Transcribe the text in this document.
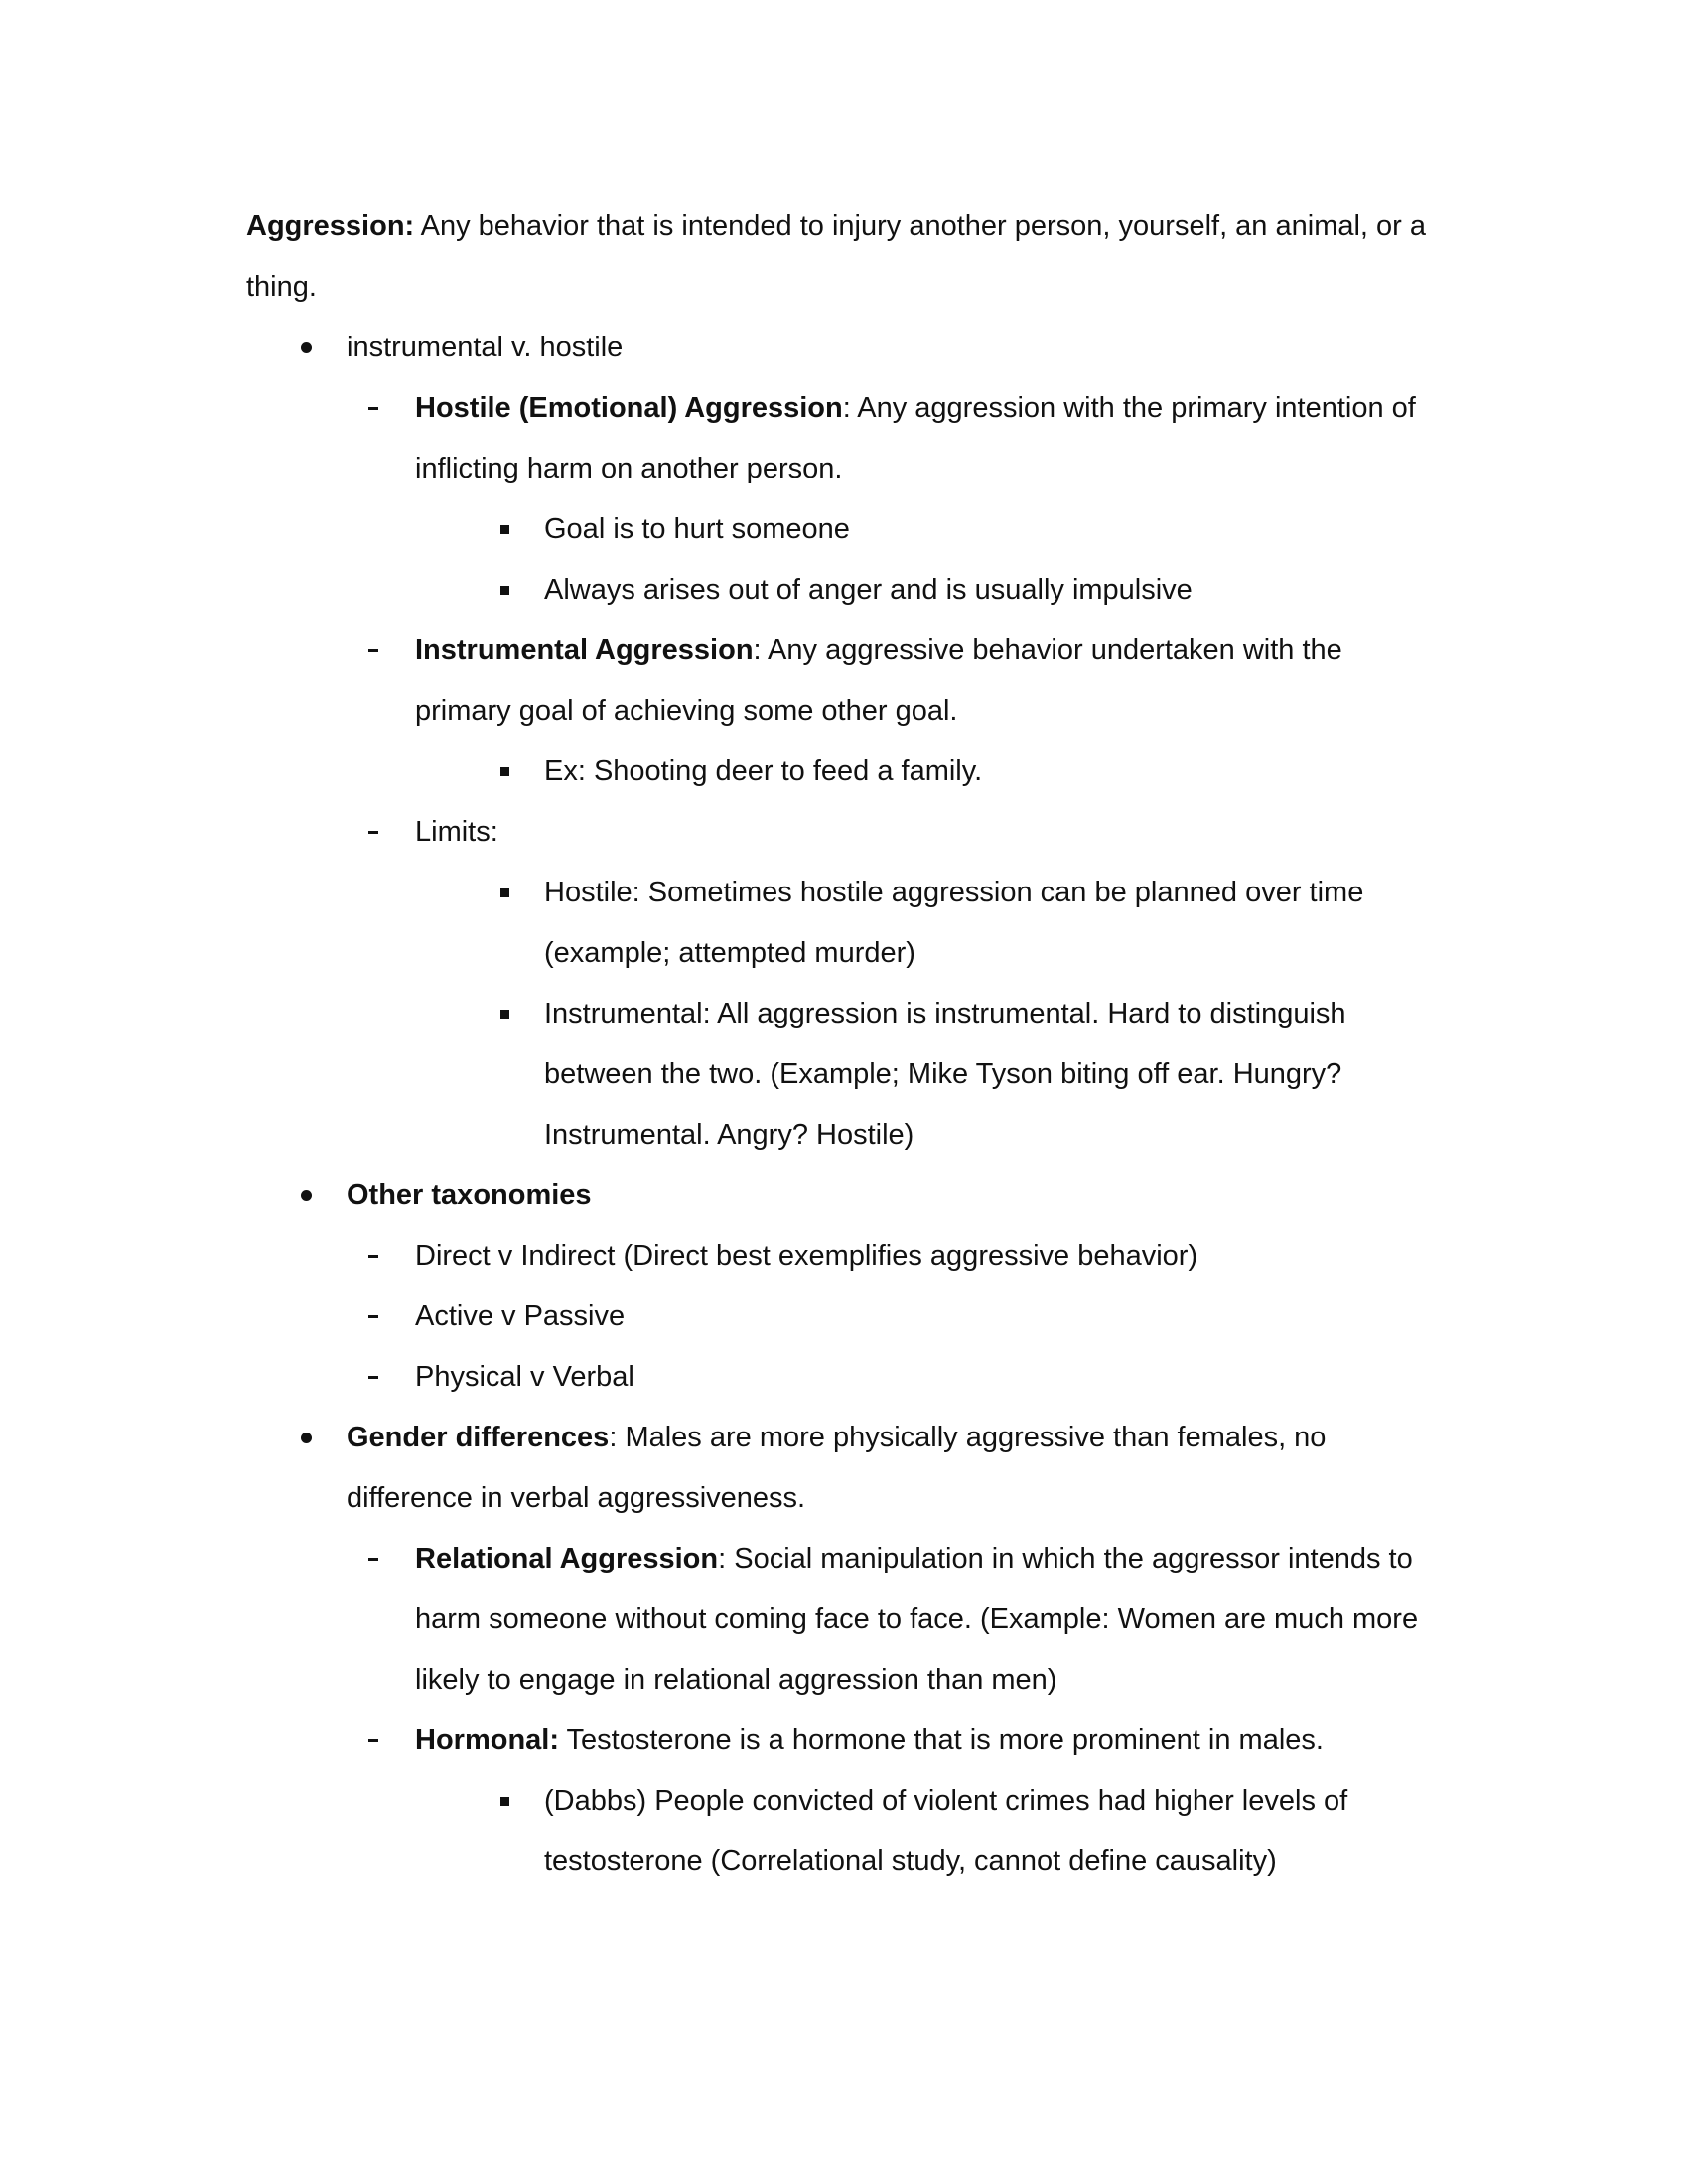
Aggression: Any behavior that is intended to injury another person, yourself, an animal, or a thing.

instrumental v. hostile
Hostile (Emotional) Aggression: Any aggression with the primary intention of inflicting harm on another person.
Goal is to hurt someone
Always arises out of anger and is usually impulsive
Instrumental Aggression: Any aggressive behavior undertaken with the primary goal of achieving some other goal.
Ex: Shooting deer to feed a family.
Limits:
Hostile: Sometimes hostile aggression can be planned over time (example; attempted murder)
Instrumental: All aggression is instrumental. Hard to distinguish between the two. (Example; Mike Tyson biting off ear. Hungry? Instrumental. Angry? Hostile)
Other taxonomies
Direct v Indirect (Direct best exemplifies aggressive behavior)
Active v Passive
Physical v Verbal
Gender differences: Males are more physically aggressive than females, no difference in verbal aggressiveness.
Relational Aggression: Social manipulation in which the aggressor intends to harm someone without coming face to face. (Example: Women are much more likely to engage in relational aggression than men)
Hormonal: Testosterone is a hormone that is more prominent in males.
(Dabbs) People convicted of violent crimes had higher levels of testosterone (Correlational study, cannot define causality)
